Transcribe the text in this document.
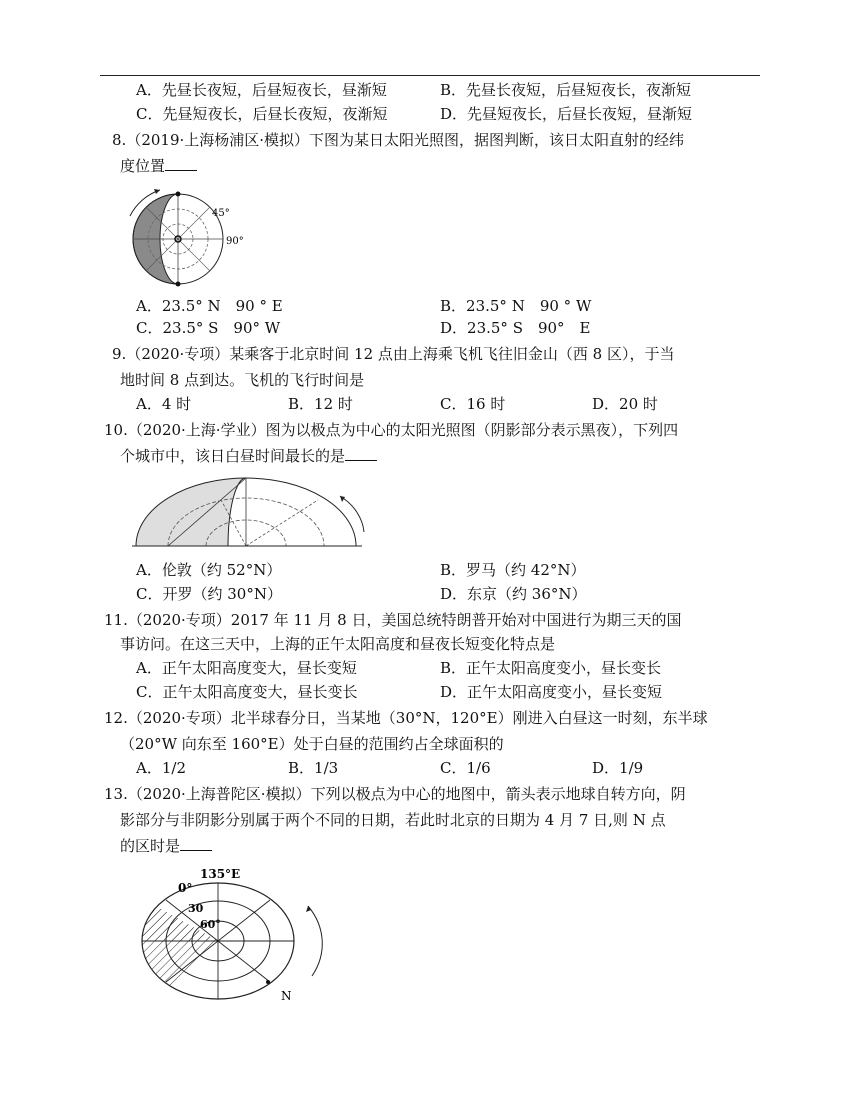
A．先昼长夜短，后昼短夜长，昼渐短	B．先昼长夜短，后昼短夜长，夜渐短
C．先昼短夜长，后昼长夜短，夜渐短	D．先昼短夜长，后昼长夜短，昼渐短
8.（2019·上海杨浦区·模拟）下图为某日太阳光照图，据图判断，该日太阳直射的经纬
度位置
45°
90°
A．23.5° N　90 ° E	B．23.5° N　90 ° W
C．23.5° S　90° W	D．23.5° S　90°　E
9.（2020·专项）某乘客于北京时间 12 点由上海乘飞机飞往旧金山（西 8 区），于当
地时间 8 点到达。飞机的飞行时间是
A．4 时	B．12 时	C．16 时	D．20 时
10.（2020·上海·学业）图为以极点为中心的太阳光照图（阴影部分表示黑夜），下列四
个城市中，该日白昼时间最长的是
A．伦敦（约 52°N）	B．罗马（约 42°N）
C．开罗（约 30°N）	D．东京（约 36°N）
11.（2020·专项）2017 年 11 月 8 日，美国总统特朗普开始对中国进行为期三天的国
事访问。在这三天中，上海的正午太阳高度和昼夜长短变化特点是
A．正午太阳高度变大，昼长变短	B．正午太阳高度变小，昼长变长
C．正午太阳高度变大，昼长变长	D．正午太阳高度变小，昼长变短
12.（2020·专项）北半球春分日，当某地（30°N，120°E）刚进入白昼这一时刻，东半球
（20°W 向东至 160°E）处于白昼的范围约占全球面积的
A．1/2	B．1/3	C．1/6	D．1/9
13.（2020·上海普陀区·模拟）下列以极点为中心的地图中，箭头表示地球自转方向，阴
影部分与非阴影分别属于两个不同的日期，若此时北京的日期为 4 月 7 日,则 N 点
的区时是
135°E
0°
30
60°
N
